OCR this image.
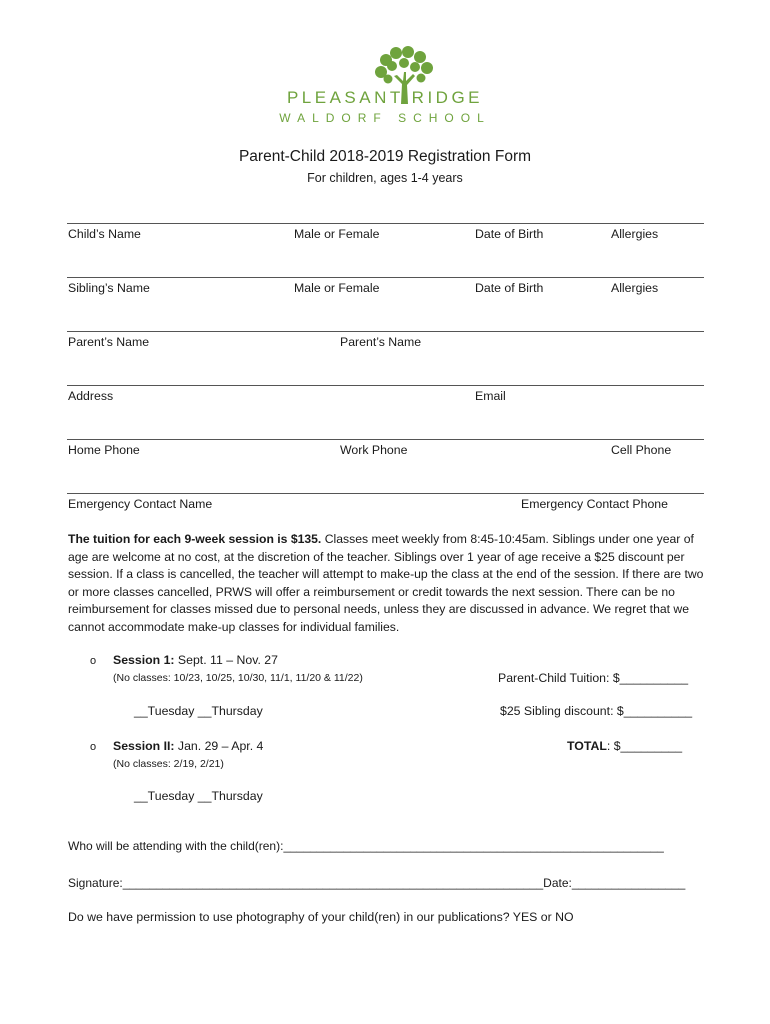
PLEASANT RIDGE
WALDORF SCHOOL
Parent-Child 2018-2019 Registration Form
For children, ages 1-4 years
Child’s Name	Male or Female	Date of Birth	Allergies
Sibling’s Name	Male or Female	Date of Birth	Allergies
Parent’s Name	Parent’s Name
Address	Email
Home Phone	Work Phone	Cell Phone
Emergency Contact Name	Emergency Contact Phone
The tuition for each 9-week session is $135. Classes meet weekly from 8:45-10:45am. Siblings under one year of age are welcome at no cost, at the discretion of the teacher. Siblings over 1 year of age receive a $25 discount per session. If a class is cancelled, the teacher will attempt to make-up the class at the end of the session. If there are two or more classes cancelled, PRWS will offer a reimbursement or credit towards the next session. There can be no reimbursement for classes missed due to personal needs, unless they are discussed in advance. We regret that we cannot accommodate make-up classes for individual families.
o Session 1: Sept. 11 – Nov. 27
(No classes: 10/23, 10/25, 10/30, 11/1, 11/20 & 11/22)
__Tuesday __Thursday
Parent-Child Tuition: $__________
$25 Sibling discount: $__________
TOTAL: $_________
o Session II: Jan. 29 – Apr. 4
(No classes: 2/19, 2/21)
__Tuesday __Thursday
Who will be attending with the child(ren):_________________________________________________________
Signature:_______________________________________________________________Date:_________________
Do we have permission to use photography of your child(ren) in our publications? YES or NO
